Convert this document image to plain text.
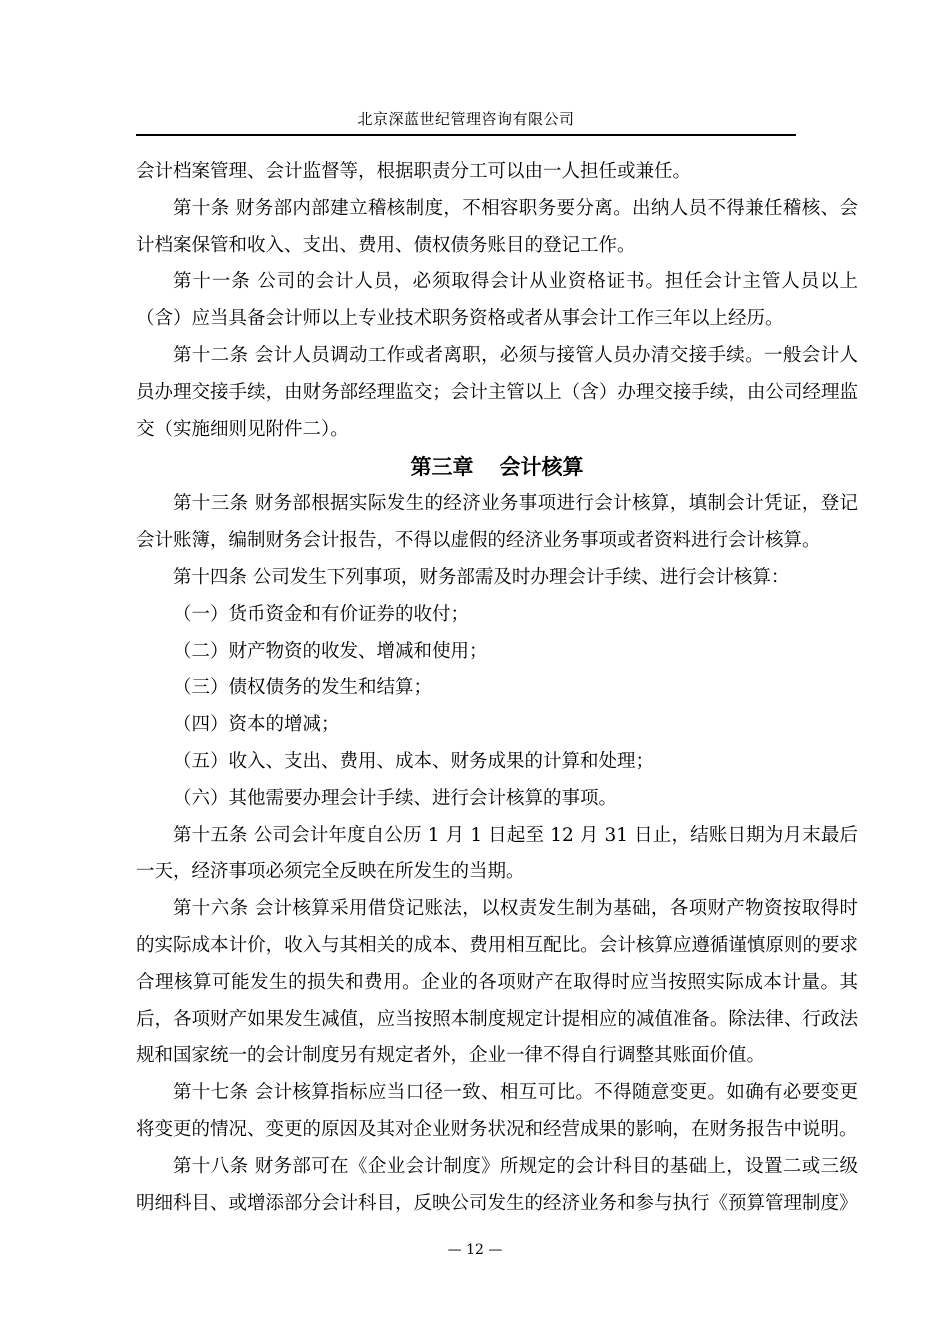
北京深蓝世纪管理咨询有限公司

会计档案管理、会计监督等，根据职责分工可以由一人担任或兼任。

第十条 财务部内部建立稽核制度，不相容职务要分离。出纳人员不得兼任稽核、会计档案保管和收入、支出、费用、债权债务账目的登记工作。

第十一条 公司的会计人员，必须取得会计从业资格证书。担任会计主管人员以上（含）应当具备会计师以上专业技术职务资格或者从事会计工作三年以上经历。

第十二条 会计人员调动工作或者离职，必须与接管人员办清交接手续。一般会计人员办理交接手续，由财务部经理监交；会计主管以上（含）办理交接手续，由公司经理监交（实施细则见附件二）。

第三章 会计核算

第十三条 财务部根据实际发生的经济业务事项进行会计核算，填制会计凭证，登记会计账簿，编制财务会计报告，不得以虚假的经济业务事项或者资料进行会计核算。

第十四条 公司发生下列事项，财务部需及时办理会计手续、进行会计核算：

（一）货币资金和有价证券的收付；

（二）财产物资的收发、增减和使用；

（三）债权债务的发生和结算；

（四）资本的增减；

（五）收入、支出、费用、成本、财务成果的计算和处理；

（六）其他需要办理会计手续、进行会计核算的事项。

第十五条 公司会计年度自公历 1 月 1 日起至 12 月 31 日止，结账日期为月末最后一天，经济事项必须完全反映在所发生的当期。

第十六条 会计核算采用借贷记账法，以权责发生制为基础，各项财产物资按取得时的实际成本计价，收入与其相关的成本、费用相互配比。会计核算应遵循谨慎原则的要求合理核算可能发生的损失和费用。企业的各项财产在取得时应当按照实际成本计量。其后，各项财产如果发生减值，应当按照本制度规定计提相应的减值准备。除法律、行政法规和国家统一的会计制度另有规定者外，企业一律不得自行调整其账面价值。

第十七条 会计核算指标应当口径一致、相互可比。不得随意变更。如确有必要变更将变更的情况、变更的原因及其对企业财务状况和经营成果的影响，在财务报告中说明。

第十八条 财务部可在《企业会计制度》所规定的会计科目的基础上，设置二或三级明细科目、或增添部分会计科目，反映公司发生的经济业务和参与执行《预算管理制度》

— 12 —
